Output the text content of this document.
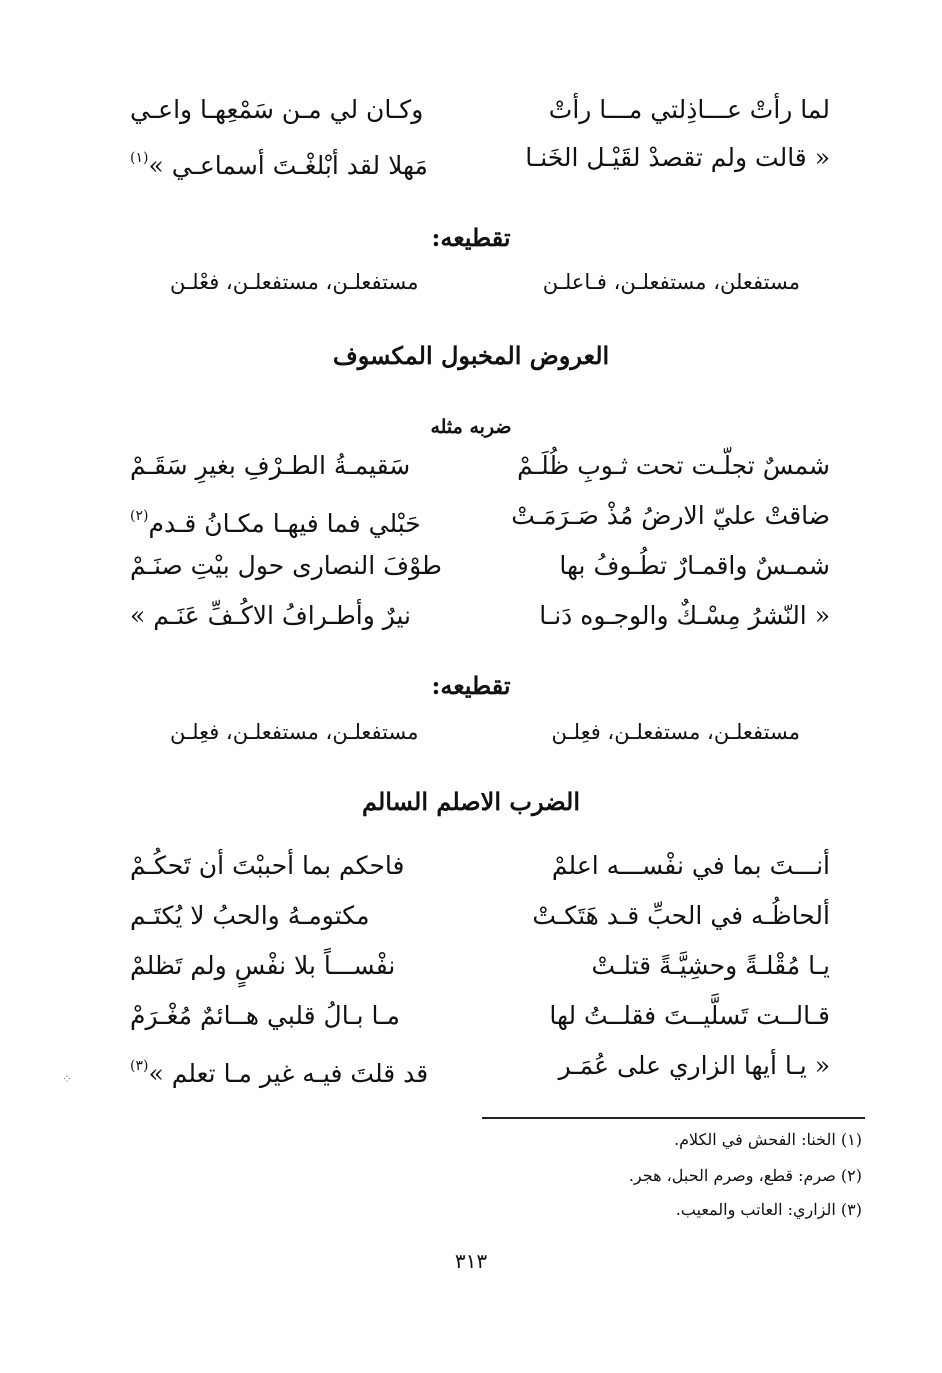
لما رأتْ عـــاذِلتي مـــا رأتْ
وكـان لي مـن سَمْعِهـا واعـي
« قالت ولم تقصدْ لقَيْـل الخَنـا
مَهلا لقد أبْلغْـتَ أسماعـي »$^{(١)}$
تقطيعه:
مستفعلن، مستفعلـن، فـاعلـن
مستفعلـن، مستفعلـن، فعْلـن
العروض المخبول المكسوف
ضربه مثله
شمسٌ تجلّـت تحت ثـوبِ ظُلَـمْ
سَقيمـةُ الطـرْفِ بغيرِ سَقَـمْ
ضاقتْ عليّ الارضُ مُذْ صَـرَمَـتْ
حَبْلي فما فيهـا مكـانُ قـدم$^{(٢)}$
شمـسٌ واقمـارٌ تطُـوفُ بها
طوْفَ النصارى حول بيْتِ صنَـمْ
« النّشرُ مِسْـكٌ والوجـوه دَنـا
نيرٌ وأطـرافُ الاكُـفِّ عَنَـم »
تقطيعه:
مستفعلـن، مستفعلـن، فعِلـن
مستفعلـن، مستفعلـن، فعِلـن
الضرب الاصلم السالم
أنـــتَ بما في نفْســـه اعلمْ
فاحكم بما أحببْتَ أن تَحكُـمْ
ألحاظُـه في الحبِّ قـد هَتَكـتْ
مكتومـهُ والحبُ لا يُكتَـم
يـا مُقْلـةً وحشِيَّـةً قتلـتْ
نفْســـاً بلا نفْسٍ ولم تَظلمْ
قـالــت تَسلَّيــتَ فقلــتُ لها
مـا بـالُ قلبي هــائمٌ مُغْـرَمْ
« يـا أيها الزاري على عُمَـر
قد قلتَ فيـه غير مـا تعلم »$^{(٣)}$
(١) الخنا: الفحش في الكلام.
(٢) صرم: قطع، وصرم الحبل، هجر.
(٣) الزاري: العاتب والمعيب.
٣١٣
⁘
